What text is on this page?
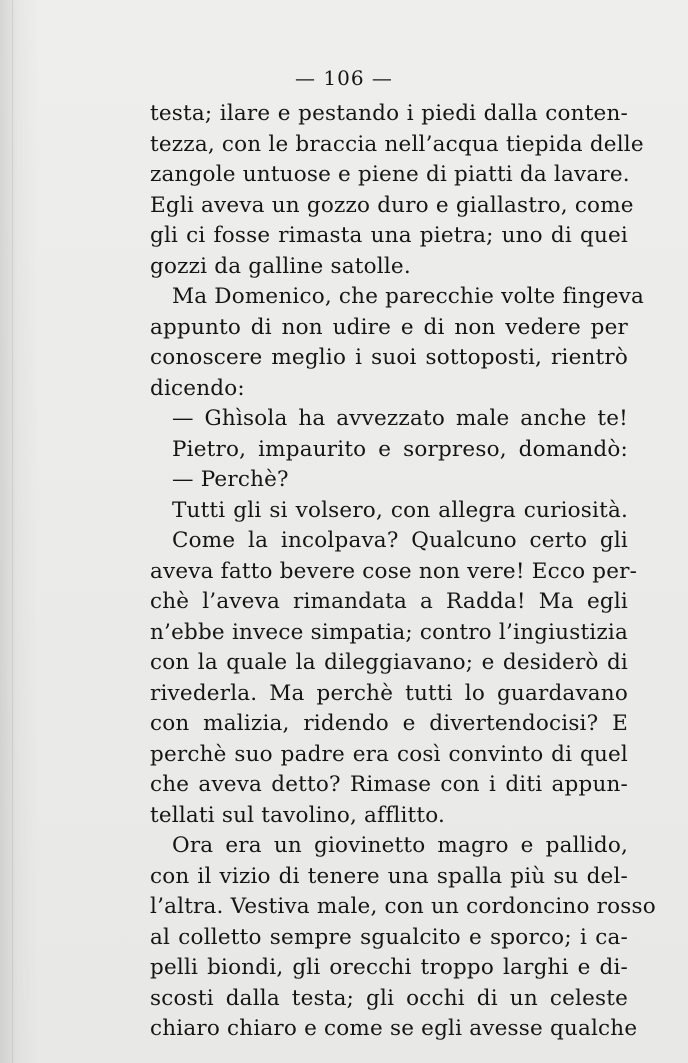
— 106 —
testa; ilare e pestando i piedi dalla conten-
tezza, con le braccia nell’acqua tiepida delle
zangole untuose e piene di piatti da lavare.
Egli aveva un gozzo duro e giallastro, come
gli ci fosse rimasta una pietra; uno di quei
gozzi da galline satolle.
Ma Domenico, che parecchie volte fingeva
appunto di non udire e di non vedere per
conoscere meglio i suoi sottoposti, rientrò
dicendo:
— Ghìsola ha avvezzato male anche te!
Pietro, impaurito e sorpreso, domandò:
— Perchè?
Tutti gli si volsero, con allegra curiosità.
Come la incolpava? Qualcuno certo gli
aveva fatto bevere cose non vere! Ecco per-
chè l’aveva rimandata a Radda! Ma egli
n’ebbe invece simpatia; contro l’ingiustizia
con la quale la dileggiavano; e desiderò di
rivederla. Ma perchè tutti lo guardavano
con malizia, ridendo e divertendocisi? E
perchè suo padre era così convinto di quel
che aveva detto? Rimase con i diti appun-
tellati sul tavolino, afflitto.
Ora era un giovinetto magro e pallido,
con il vizio di tenere una spalla più su del-
l’altra. Vestiva male, con un cordoncino rosso
al colletto sempre sgualcito e sporco; i ca-
pelli biondi, gli orecchi troppo larghi e di-
scosti dalla testa; gli occhi di un celeste
chiaro chiaro e come se egli avesse qualche
